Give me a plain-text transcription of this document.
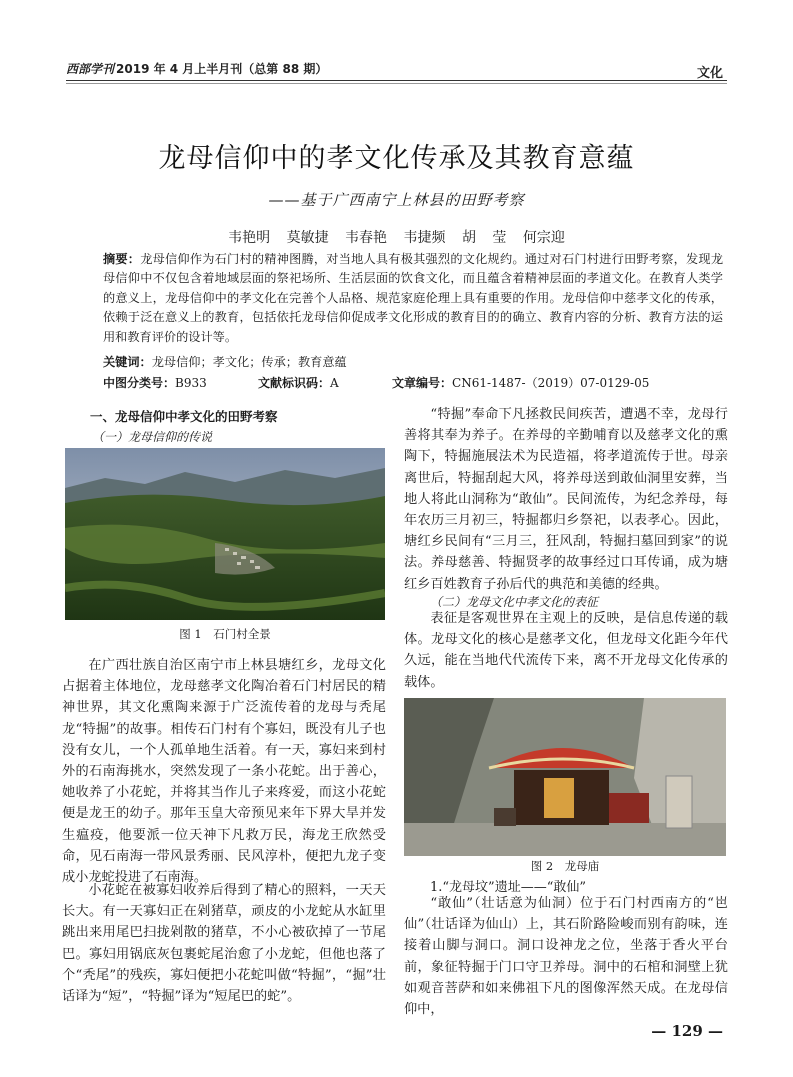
西部学刊 2019 年 4 月上半月刊（总第 88 期）	文化
龙母信仰中的孝文化传承及其教育意蕴
——基于广西南宁上林县的田野考察
韦艳明 莫敏捷 韦春艳 韦捷频 胡 莹 何宗迎
摘要：龙母信仰作为石门村的精神图腾，对当地人具有极其强烈的文化规约。通过对石门村进行田野考察，发现龙母信仰中不仅包含着地域层面的祭祀场所、生活层面的饮食文化，而且蕴含着精神层面的孝道文化。在教育人类学的意义上，龙母信仰中的孝文化在完善个人品格、规范家庭伦理上具有重要的作用。龙母信仰中慈孝文化的传承，依赖于泛在意义上的教育，包括依托龙母信仰促成孝文化形成的教育目的的确立、教育内容的分析、教育方法的运用和教育评价的设计等。
关键词：龙母信仰；孝文化；传承；教育意蕴
中图分类号：B933	文献标识码：A	文章编号：CN61-1487-（2019）07-0129-05
一、龙母信仰中孝文化的田野考察
（一）龙母信仰的传说
图 1　石门村全景
在广西壮族自治区南宁市上林县塘红乡，龙母文化占据着主体地位，龙母慈孝文化陶冶着石门村居民的精神世界，其文化熏陶来源于广泛流传着的龙母与秃尾龙“特掘”的故事。相传石门村有个寡妇，既没有儿子也没有女儿，一个人孤单地生活着。有一天，寡妇来到村外的石南海挑水，突然发现了一条小花蛇。出于善心，她收养了小花蛇，并将其当作儿子来疼爱，而这小花蛇便是龙王的幼子。那年玉皇大帝预见来年下界大旱并发生瘟疫，他要派一位天神下凡救万民，海龙王欣然受命，见石南海一带风景秀丽、民风淳朴，便把九龙子变成小龙蛇投进了石南海。
小花蛇在被寡妇收养后得到了精心的照料，一天天长大。有一天寡妇正在剁猪草，顽皮的小龙蛇从水缸里跳出来用尾巴扫拢剁散的猪草，不小心被砍掉了一节尾巴。寡妇用锅底灰包裹蛇尾治愈了小龙蛇，但他也落了个“秃尾”的残疾，寡妇便把小花蛇叫做“特掘”，“掘”壮话译为“短”，“特掘”译为“短尾巴的蛇”。
“特掘”奉命下凡拯救民间疾苦，遭遇不幸，龙母行善将其奉为养子。在养母的辛勤哺育以及慈孝文化的熏陶下，特掘施展法术为民造福，将孝道流传于世。母亲离世后，特掘刮起大风，将养母送到敢仙洞里安葬，当地人将此山洞称为“敢仙”。民间流传，为纪念养母，每年农历三月初三，特掘都归乡祭祀，以表孝心。因此，塘红乡民间有“三月三，狂风刮，特掘扫墓回到家”的说法。养母慈善、特掘贤孝的故事经过口耳传诵，成为塘红乡百姓教育子孙后代的典范和美德的经典。
（二）龙母文化中孝文化的表征
表征是客观世界在主观上的反映，是信息传递的载体。龙母文化的核心是慈孝文化，但龙母文化距今年代久远，能在当地代代流传下来，离不开龙母文化传承的载体。
图 2　龙母庙
1.“龙母坟”遗址——“敢仙”
“敢仙”（壮话意为仙洞）位于石门村西南方的“岜仙”（壮话译为仙山）上，其石阶路险峻而别有韵味，连接着山脚与洞口。洞口设神龙之位，坐落于香火平台前，象征特掘于门口守卫养母。洞中的石棺和洞壁上犹如观音菩萨和如来佛祖下凡的图像浑然天成。在龙母信仰中，
— 129 —
